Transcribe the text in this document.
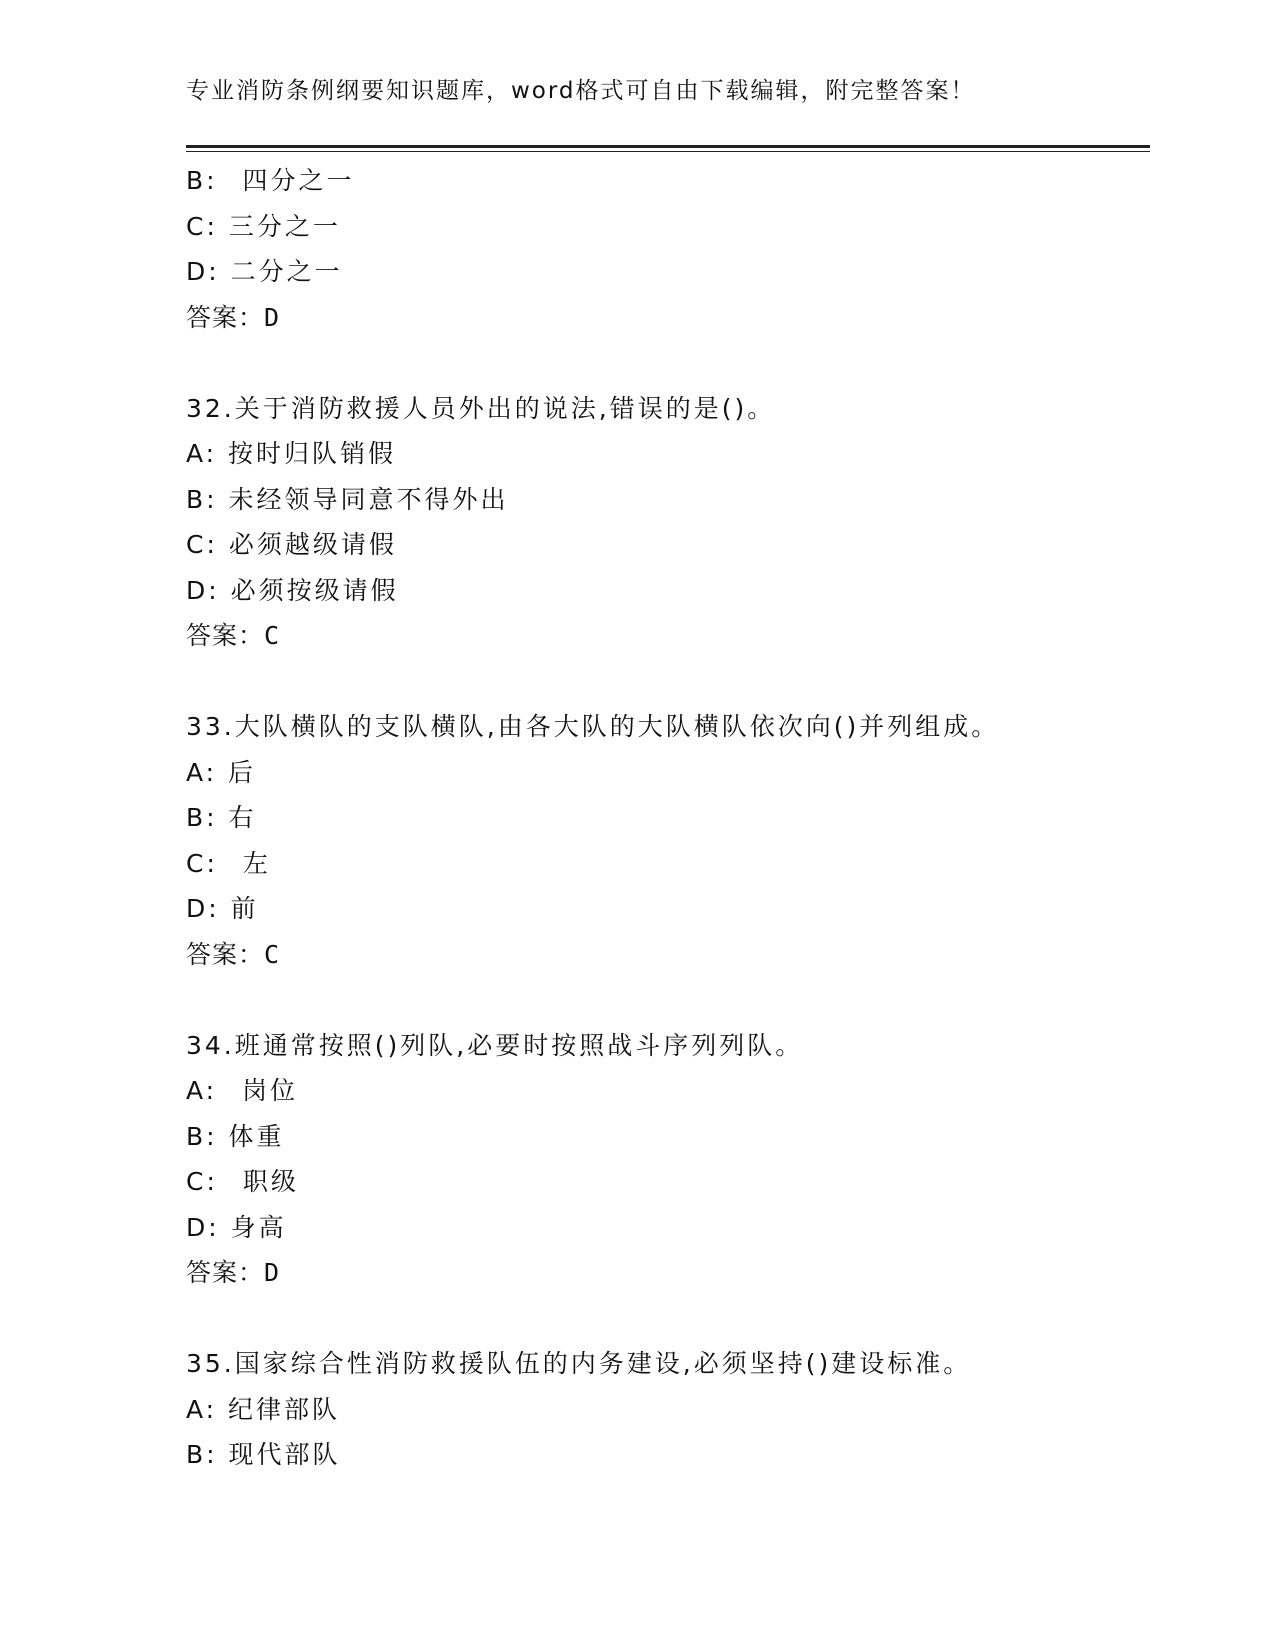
专业消防条例纲要知识题库，word格式可自由下载编辑，附完整答案！
B: 四分之一
C: 三分之一
D: 二分之一
答案：D
32.关于消防救援人员外出的说法,错误的是()。
A: 按时归队销假
B: 未经领导同意不得外出
C: 必须越级请假
D: 必须按级请假
答案：C
33.大队横队的支队横队,由各大队的大队横队依次向()并列组成。
A: 后
B: 右
C: 左
D: 前
答案：C
34.班通常按照()列队,必要时按照战斗序列列队。
A: 岗位
B: 体重
C: 职级
D: 身高
答案：D
35.国家综合性消防救援队伍的内务建设,必须坚持()建设标准。
A: 纪律部队
B: 现代部队
